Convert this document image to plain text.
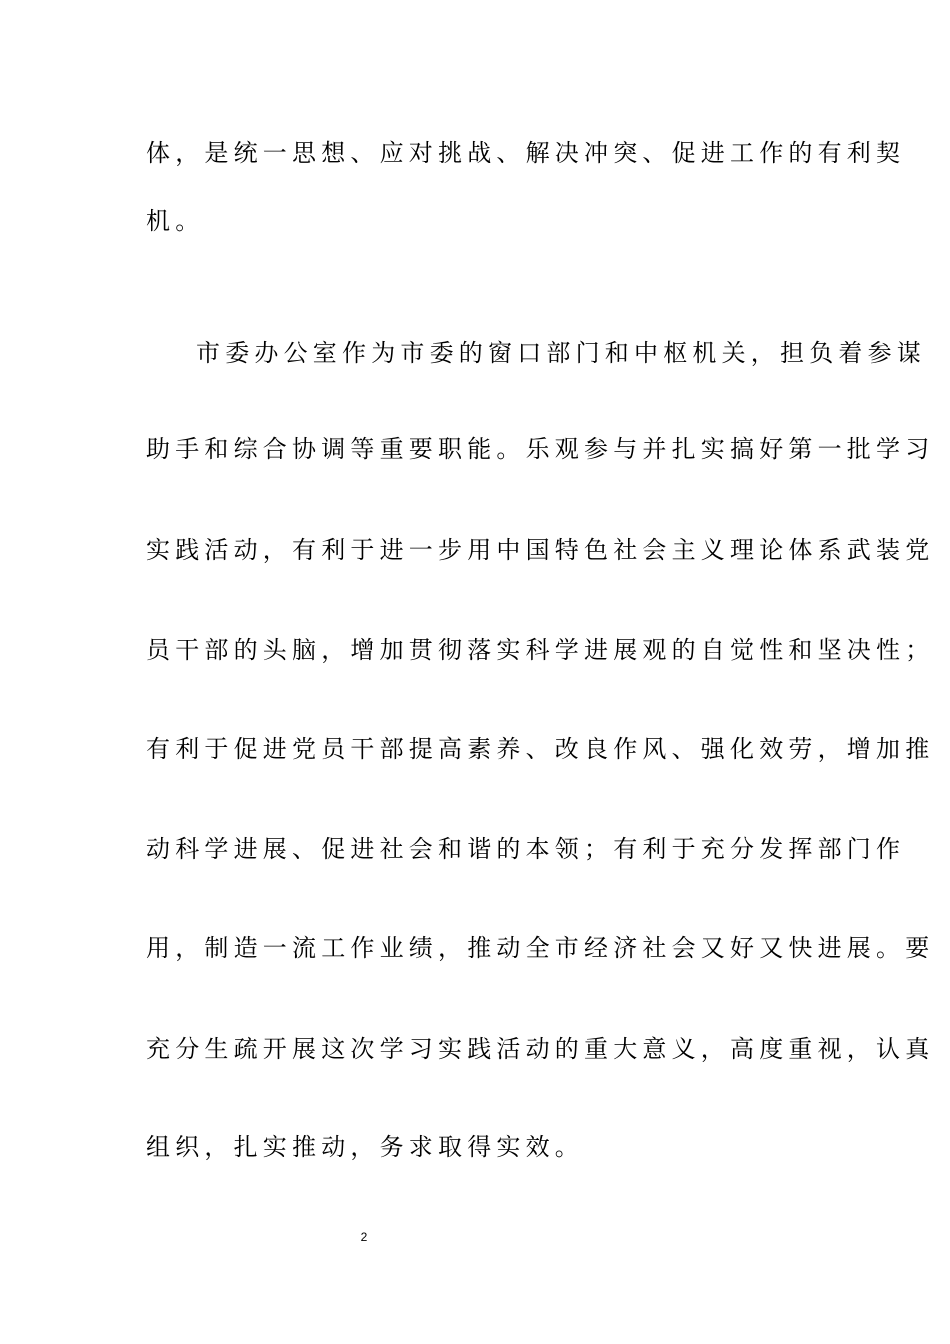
体，是统一思想、应对挑战、解决冲突、促进工作的有利契
机。
市委办公室作为市委的窗口部门和中枢机关，担负着参谋
助手和综合协调等重要职能。乐观参与并扎实搞好第一批学习
实践活动，有利于进一步用中国特色社会主义理论体系武装党
员干部的头脑，增加贯彻落实科学进展观的自觉性和坚决性；
有利于促进党员干部提高素养、改良作风、强化效劳，增加推
动科学进展、促进社会和谐的本领；有利于充分发挥部门作
用，制造一流工作业绩，推动全市经济社会又好又快进展。要
充分生疏开展这次学习实践活动的重大意义，高度重视，认真
组织，扎实推动，务求取得实效。
2
